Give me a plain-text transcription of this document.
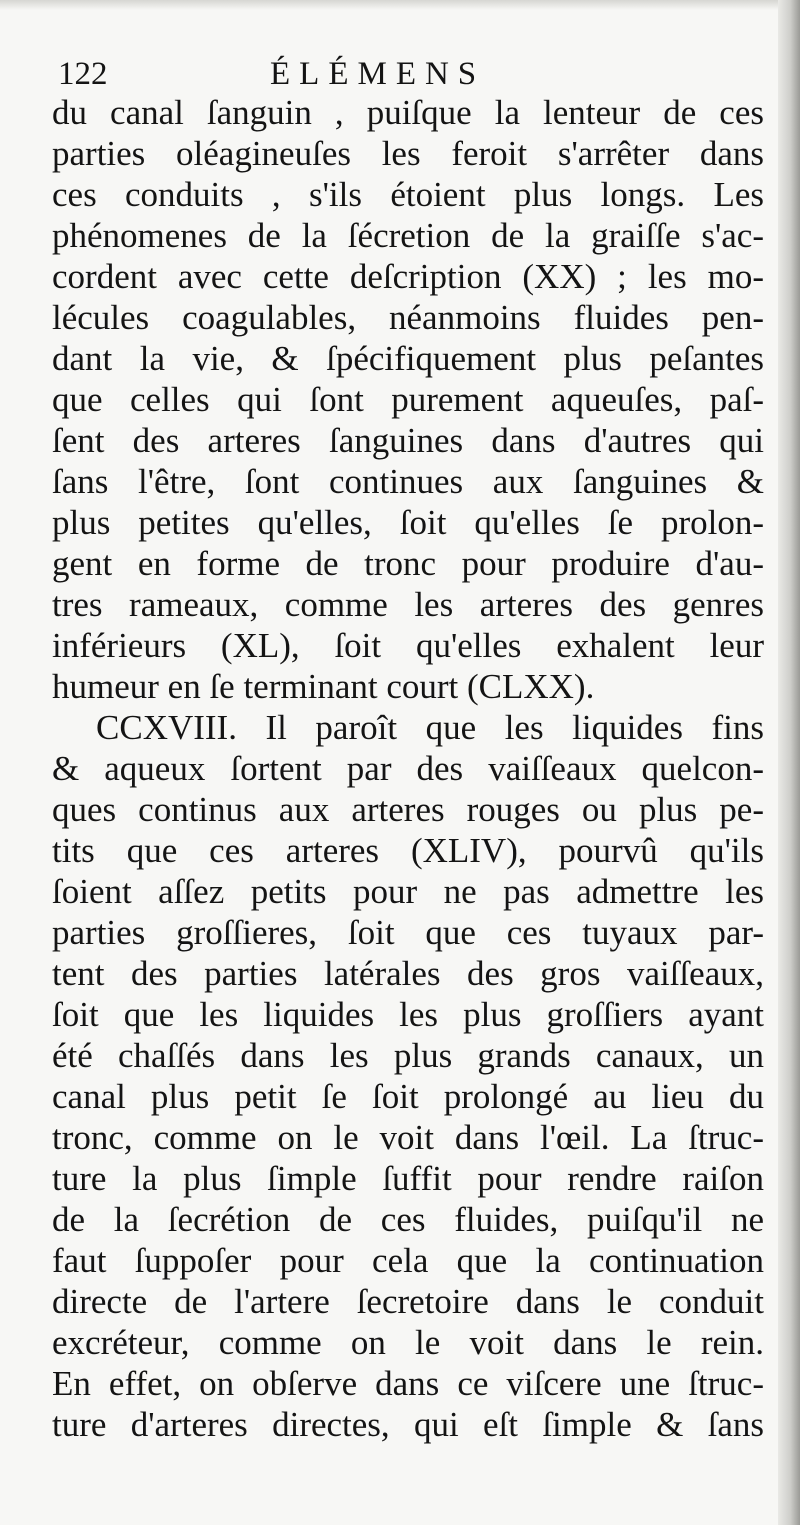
122	ÉLÉMENS
du canal ſanguin , puiſque la lenteur de ces
parties oléagineuſes les feroit s'arrêter dans
ces conduits , s'ils étoient plus longs. Les
phénomenes de la ſécretion de la graiſſe s'ac-
cordent avec cette deſcription (XX) ; les mo-
lécules coagulables, néanmoins fluides pen-
dant la vie, & ſpécifiquement plus peſantes
que celles qui ſont purement aqueuſes, paſ-
ſent des arteres ſanguines dans d'autres qui
ſans l'être, ſont continues aux ſanguines &
plus petites qu'elles, ſoit qu'elles ſe prolon-
gent en forme de tronc pour produire d'au-
tres rameaux, comme les arteres des genres
inférieurs (XL), ſoit qu'elles exhalent leur
humeur en ſe terminant court (CLXX).
CCXVIII. Il paroît que les liquides fins
& aqueux ſortent par des vaiſſeaux quelcon-
ques continus aux arteres rouges ou plus pe-
tits que ces arteres (XLIV), pourvû qu'ils
ſoient aſſez petits pour ne pas admettre les
parties groſſieres, ſoit que ces tuyaux par-
tent des parties latérales des gros vaiſſeaux,
ſoit que les liquides les plus groſſiers ayant
été chaſſés dans les plus grands canaux, un
canal plus petit ſe ſoit prolongé au lieu du
tronc, comme on le voit dans l'œil. La ſtruc-
ture la plus ſimple ſuffit pour rendre raiſon
de la ſecrétion de ces fluides, puiſqu'il ne
faut ſuppoſer pour cela que la continuation
directe de l'artere ſecretoire dans le conduit
excréteur, comme on le voit dans le rein.
En effet, on obſerve dans ce viſcere une ſtruc-
ture d'arteres directes, qui eſt ſimple & ſans
